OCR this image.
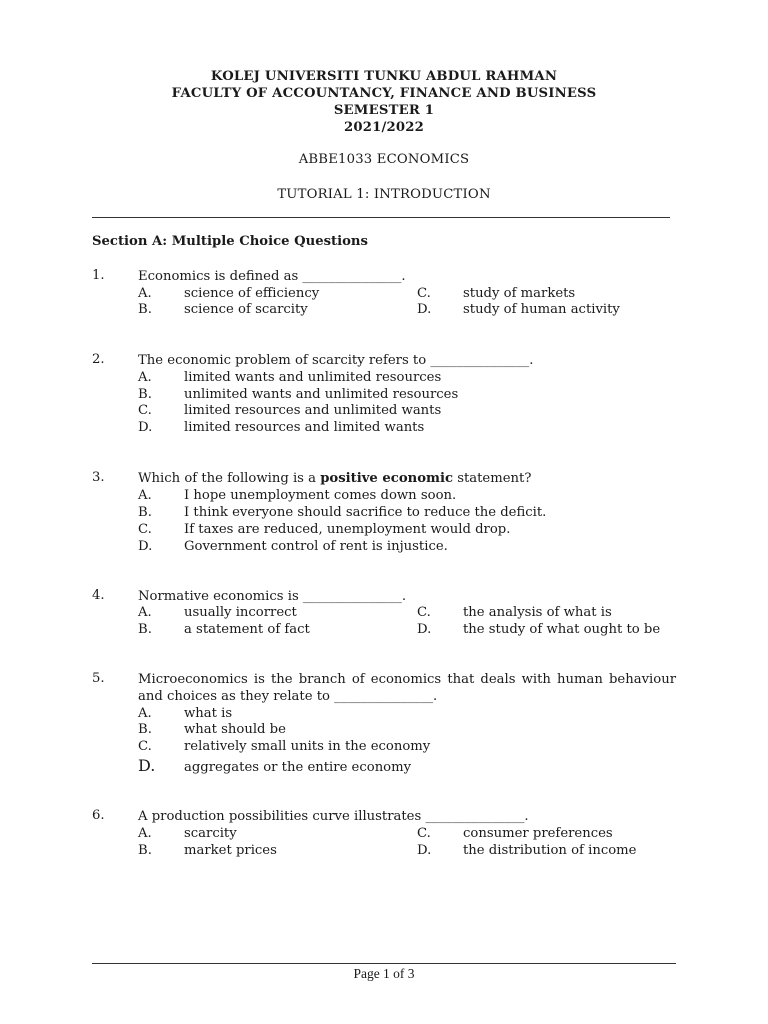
KOLEJ UNIVERSITI TUNKU ABDUL RAHMAN
FACULTY OF ACCOUNTANCY, FINANCE AND BUSINESS
SEMESTER 1
2021/2022
ABBE1033 ECONOMICS
TUTORIAL 1: INTRODUCTION
Section A: Multiple Choice Questions
1.	Economics is defined as _______________.
A. science of efficiency
B. science of scarcity
C. study of markets
D. study of human activity
2.	The economic problem of scarcity refers to _______________.
A. limited wants and unlimited resources
B. unlimited wants and unlimited resources
C. limited resources and unlimited wants
D. limited resources and limited wants
3.	Which of the following is a positive economic statement?
A. I hope unemployment comes down soon.
B. I think everyone should sacrifice to reduce the deficit.
C. If taxes are reduced, unemployment would drop.
D. Government control of rent is injustice.
4.	Normative economics is _______________.
A. usually incorrect
B. a statement of fact
C. the analysis of what is
D. the study of what ought to be
5.	Microeconomics is the branch of economics that deals with human behaviour and choices as they relate to _______________.
A. what is
B. what should be
C. relatively small units in the economy
D. aggregates or the entire economy
6.	A production possibilities curve illustrates _______________.
A. scarcity
B. market prices
C. consumer preferences
D. the distribution of income
Page 1 of 3
